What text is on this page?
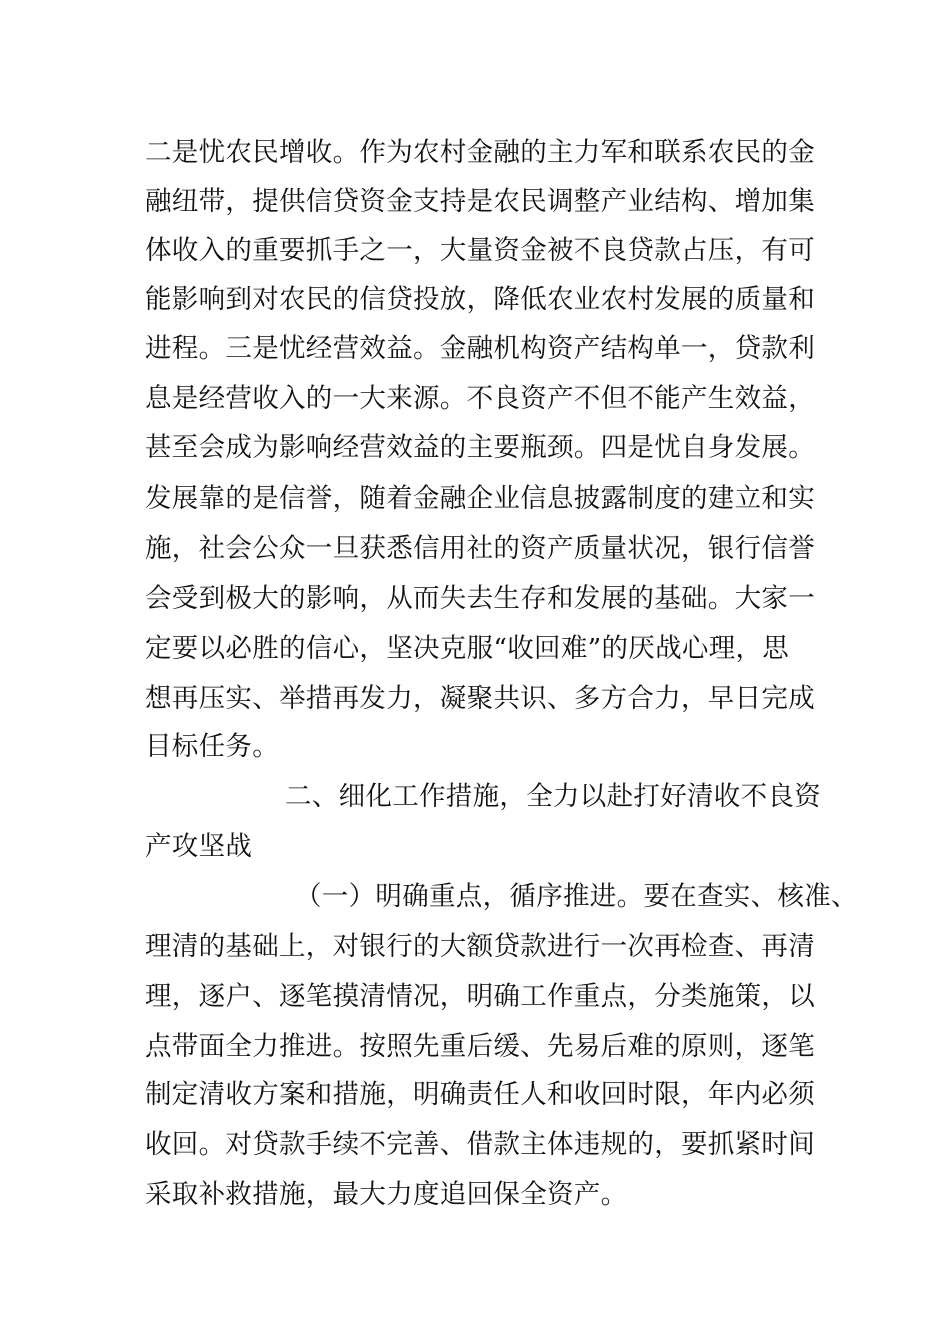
二是忧农民增收。作为农村金融的主力军和联系农民的金
融纽带，提供信贷资金支持是农民调整产业结构、增加集
体收入的重要抓手之一，大量资金被不良贷款占压，有可
能影响到对农民的信贷投放，降低农业农村发展的质量和
进程。三是忧经营效益。金融机构资产结构单一，贷款利
息是经营收入的一大来源。不良资产不但不能产生效益，
甚至会成为影响经营效益的主要瓶颈。四是忧自身发展。
发展靠的是信誉，随着金融企业信息披露制度的建立和实
施，社会公众一旦获悉信用社的资产质量状况，银行信誉
会受到极大的影响，从而失去生存和发展的基础。大家一
定要以必胜的信心，坚决克服“收回难”的厌战心理，思
想再压实、举措再发力，凝聚共识、多方合力，早日完成
目标任务。
二、细化工作措施，全力以赴打好清收不良资
产攻坚战
（一）明确重点，循序推进。要在查实、核准、
理清的基础上，对银行的大额贷款进行一次再检查、再清
理，逐户、逐笔摸清情况，明确工作重点，分类施策，以
点带面全力推进。按照先重后缓、先易后难的原则，逐笔
制定清收方案和措施，明确责任人和收回时限，年内必须
收回。对贷款手续不完善、借款主体违规的，要抓紧时间
采取补救措施，最大力度追回保全资产。
